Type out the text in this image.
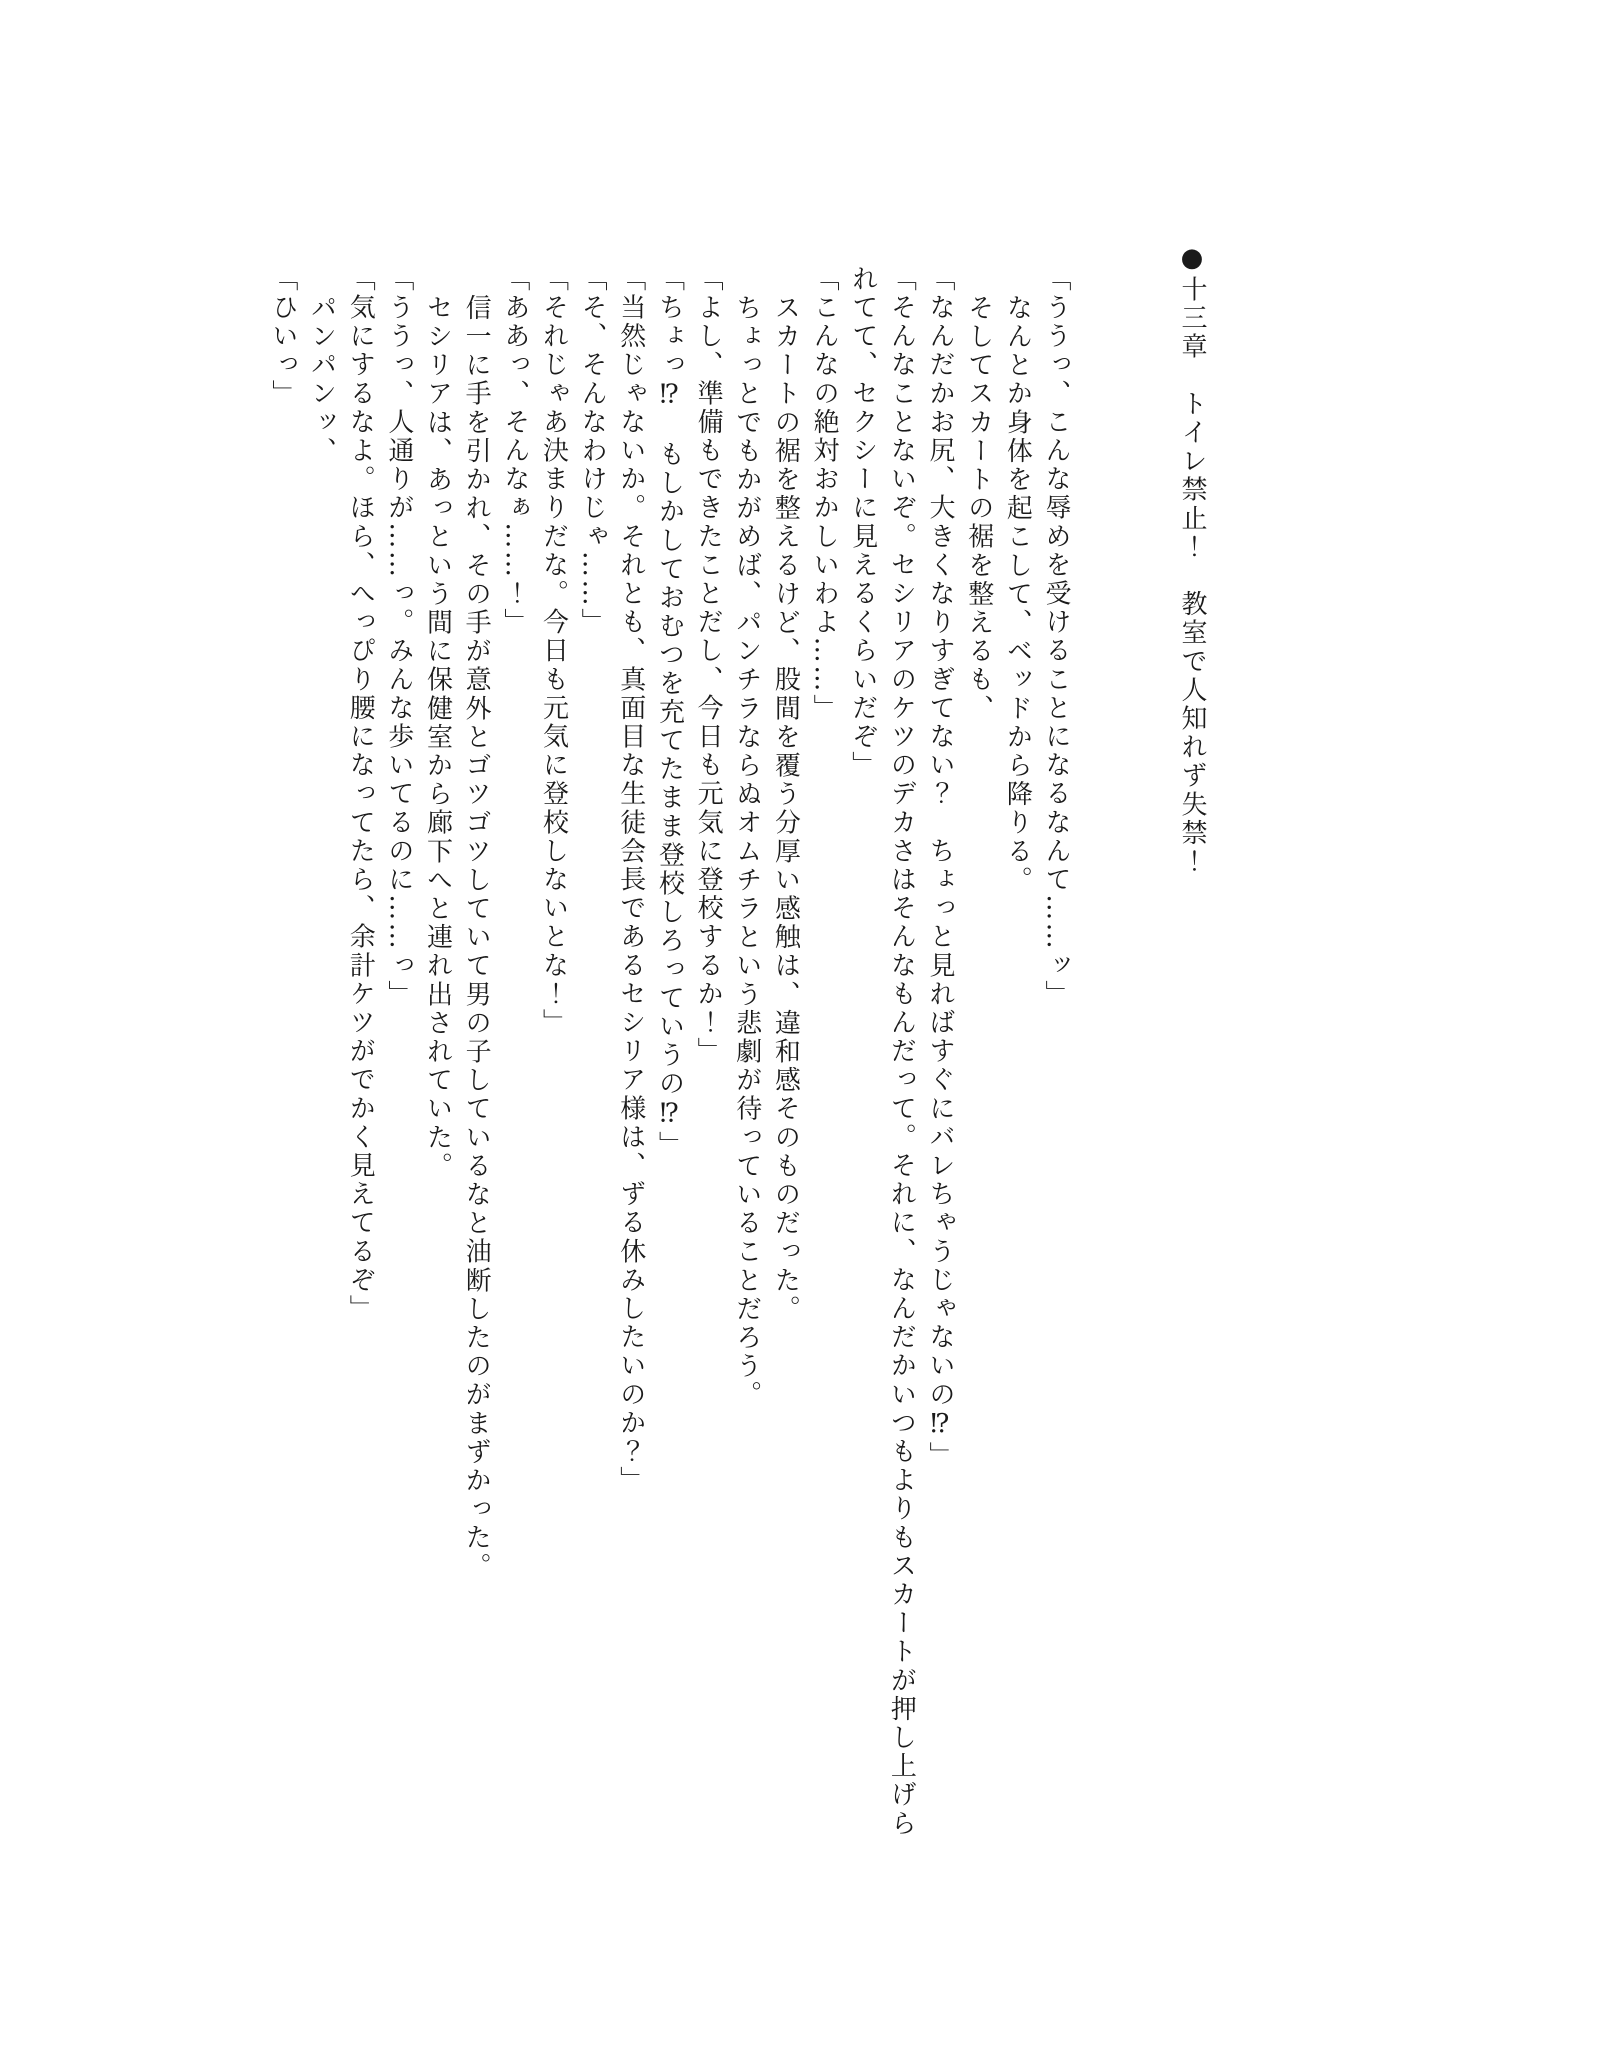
●十三章　トイレ禁止！　教室で人知れず失禁！

「ううっ、こんな辱めを受けることになるなんて……ッ」

なんとか身体を起こして、ベッドから降りる。

そしてスカートの裾を整えるも、

「なんだかお尻、大きくなりすぎてない？　ちょっと見ればすぐにバレちゃうじゃないの⁉」

「そんなことないぞ。セシリアのケツのデカさはそんなもんだって。それに、なんだかいつもよりもスカートが押し上げら

れてて、セクシーに見えるくらいだぞ」

「こんなの絶対おかしいわよ……」

スカートの裾を整えるけど、股間を覆う分厚い感触は、違和感そのものだった。

ちょっとでもかがめば、パンチラならぬオムチラという悲劇が待っていることだろう。

「よし、準備もできたことだし、今日も元気に登校するか！」

「ちょっ⁉　もしかしておむつを充てたまま登校しろっていうの⁉」

「当然じゃないか。それとも、真面目な生徒会長であるセシリア様は、ずる休みしたいのか？」

「そ、そんなわけじゃ……」

「それじゃあ決まりだな。今日も元気に登校しないとな！」

「ああっ、そんなぁ……！」

信一に手を引かれ、その手が意外とゴツゴツしていて男の子しているなと油断したのがまずかった。

セシリアは、あっという間に保健室から廊下へと連れ出されていた。

「ううっ、人通りが……っ。みんな歩いてるのに……っ」

「気にするなよ。ほら、へっぴり腰になってたら、余計ケツがでかく見えてるぞ」

パンパンッ、

「ひいっ」
